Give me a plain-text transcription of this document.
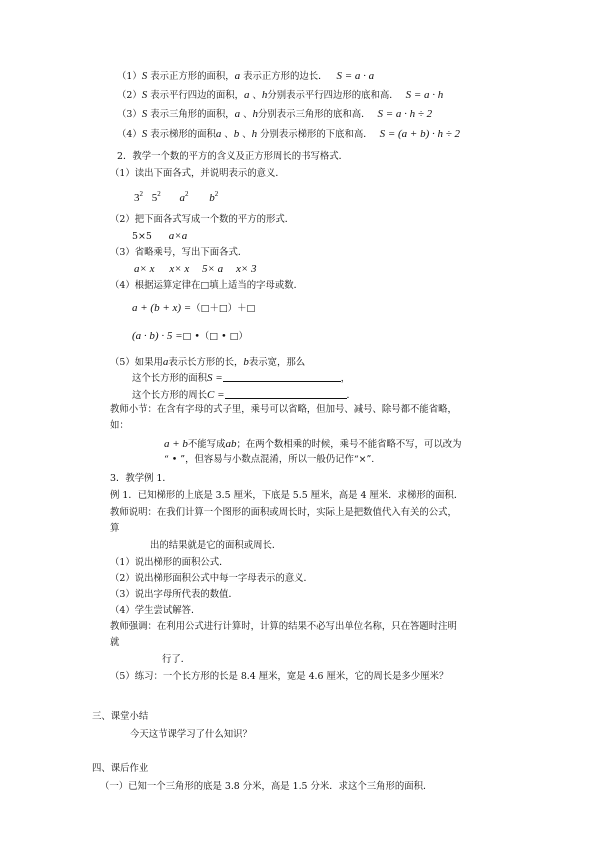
（1）S 表示正方形的面积，a 表示正方形的边长． S = a · a
（2）S 表示平行四边的面积，a 、h分别表示平行四边形的底和高． S = a · h
（3）S 表示三角形的面积，a 、h分别表示三角形的底和高． S = a · h ÷ 2
（4）S 表示梯形的面积a 、b 、h 分别表示梯形的下底和高． S = (a + b) · h ÷ 2
2．教学一个数的平方的含义及正方形周长的书写格式．
（1）读出下面各式，并说明表示的意义．
$3^2$ $5^2$ $a^2$ $b^2$
（2）把下面各式写成一个数的平方的形式．
5×5 a×a
（3）省略乘号，写出下面各式．
a× x x× x 5× a x× 3
（4）根据运算定律在□填上适当的字母或数．
a + (b + x) =（□＋□）＋□
(a · b) · 5 =□ •（□ • □）
（5）如果用a表示长方形的长，b表示宽，那么
这个长方形的面积S =	，
这个长方形的周长C =	．
教师小节：在含有字母的式子里，乘号可以省略，但加号、减号、除号都不能省略，
如：
a + b不能写成ab；在两个数相乘的时候，乘号不能省略不写，可以改为
“ • ”，但容易与小数点混淆，所以一般仍记作“×”.
3．教学例 1．
例 1．已知梯形的上底是 3.5 厘米，下底是 5.5 厘米，高是 4 厘米．求梯形的面积．
教师说明：在我们计算一个图形的面积或周长时，实际上是把数值代入有关的公式，
算
出的结果就是它的面积或周长．
（1）说出梯形的面积公式．
（2）说出梯形面积公式中每一字母表示的意义．
（3）说出字母所代表的数值．
（4）学生尝试解答．
教师强调：在利用公式进行计算时，计算的结果不必写出单位名称，只在答题时注明
就
行了．
（5）练习：一个长方形的长是 8.4 厘米，宽是 4.6 厘米，它的周长是多少厘米？
三、课堂小结
今天这节课学习了什么知识？
四、课后作业
（一）已知一个三角形的底是 3.8 分米，高是 1.5 分米．求这个三角形的面积．
